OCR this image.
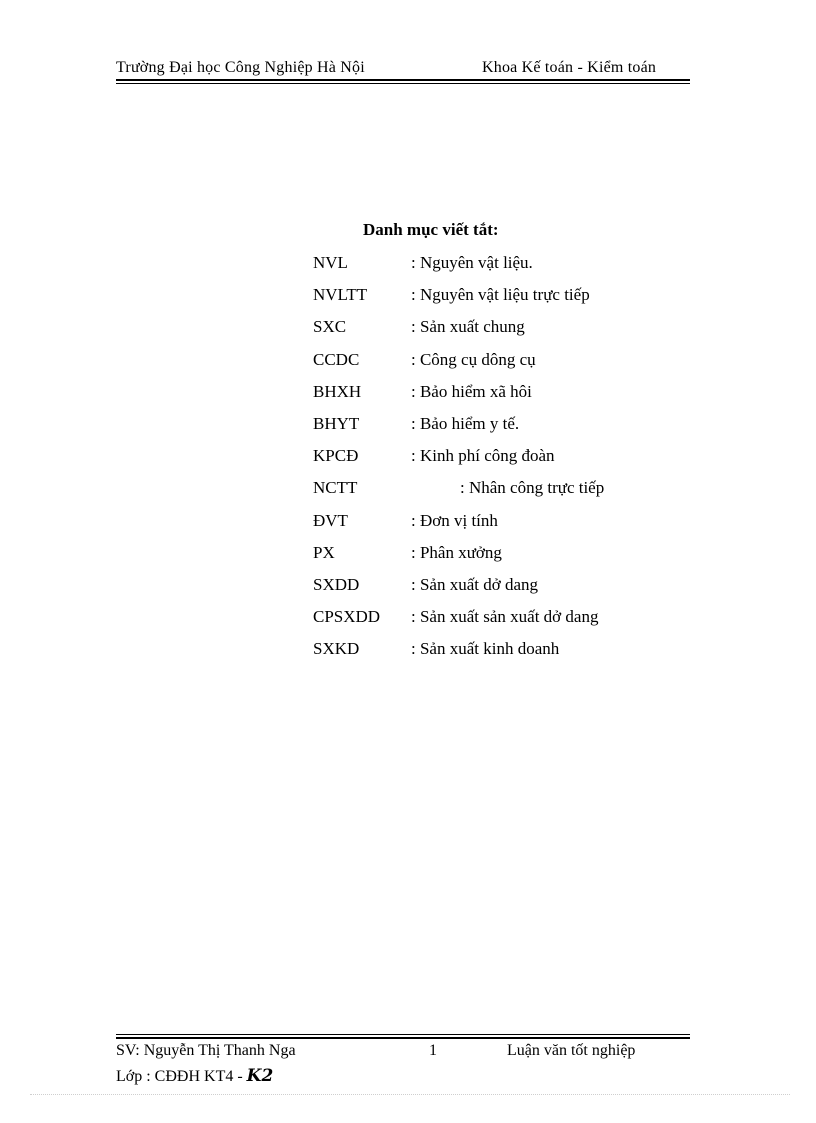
Trường Đại học Công Nghiệp Hà Nội	Khoa Kế toán - Kiểm toán
Danh mục viết tắt:
NVL	: Nguyên vật liệu.
NVLTT	: Nguyên vật liệu trực tiếp
SXC	: Sản xuất chung
CCDC	: Công cụ dông cụ
BHXH	: Bảo hiểm xã hôi
BHYT	: Bảo hiểm y tế.
KPCĐ	: Kinh phí công đoàn
NCTT	: Nhân công trực tiếp
ĐVT	: Đơn vị tính
PX	: Phân xưởng
SXDD	: Sản xuất dở dang
CPSXDD : Sản xuất sản xuất dở dang
SXKD	: Sản xuất kinh doanh
SV: Nguyễn Thị Thanh Nga	1	Luận văn tốt nghiệp
Lớp : CĐĐH KT4 - K2
